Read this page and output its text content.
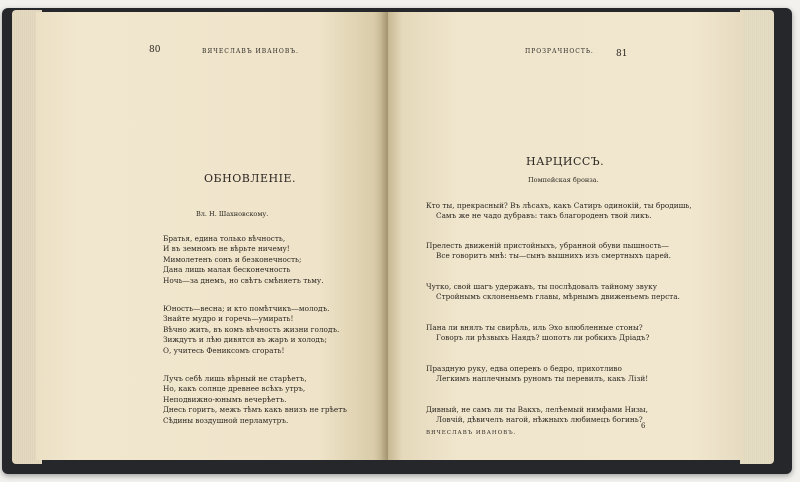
80	ВЯЧЕСЛАВЪ ИВАНОВЪ.
ОБНОВЛЕНІЕ.
Вл. Н. Шахновскому.
Братья, едина только вѣчность,
И въ земномъ не вѣрьте ничему!
Мимолетенъ сонъ и безконечность;
Дана лишь малая бесконечность
Ночь—за днемъ, но свѣтъ смѣняетъ тьму.
Юность—весна; и кто помѣтчикъ—молодъ.
Знайте мудро и горечь—умирать!
Вѣчно жить, въ комъ вѣчность жизни голодъ.
Зиждутъ и лѣю дивятся въ жаръ и холодъ;
О, учитесь Фениксомъ сгорать!
Лучъ себѣ лишь вѣрный не старѣетъ,
Но, какъ солнце древнее всѣхъ утръ,
Неподвижно-юнымъ вечерѣетъ.
Днесь горитъ, межъ тѣмъ какъ внизъ не грѣетъ
Сѣдины воздушной перламутръ.
ПРОЗРАЧНОСТЬ. 81
НАРЦИССЪ.
Помпейская бронза.
Кто ты, прекрасный? Въ лѣсахъ, какъ Сатиръ одинокій, ты бродишь,
Самъ же не чадо дубравъ: такъ благороденъ твой ликъ.
Прелесть движеній пристойныхъ, убранной обуви пышность—
Все говоритъ мнѣ: ты—сынъ вышнихъ изъ смертныхъ царей.
Чутко, свой шагъ удержавъ, ты послѣдовалъ тайному звуку
Стройнымъ склоненьемъ главы, мѣрнымъ движеньемъ перста.
Пана ли внялъ ты свирѣль, иль Эхо влюбленные стоны?
Говоръ ли рѣзвыхъ Наядъ? шопотъ ли робкихъ Дріадъ?
Праздную руку, едва оперевъ о бедро, прихотливо
Легкимъ наплечнымъ руномъ ты перевилъ, какъ Лізй!
Дивный, не самъ ли ты Вакхъ, лелѣемый нимфами Низы,
Ловчій, дѣвичелъ нагой, нѣжныхъ любимецъ богинь?
ВЯЧЕСЛАВЪ ИВАНОВЪ.
6
